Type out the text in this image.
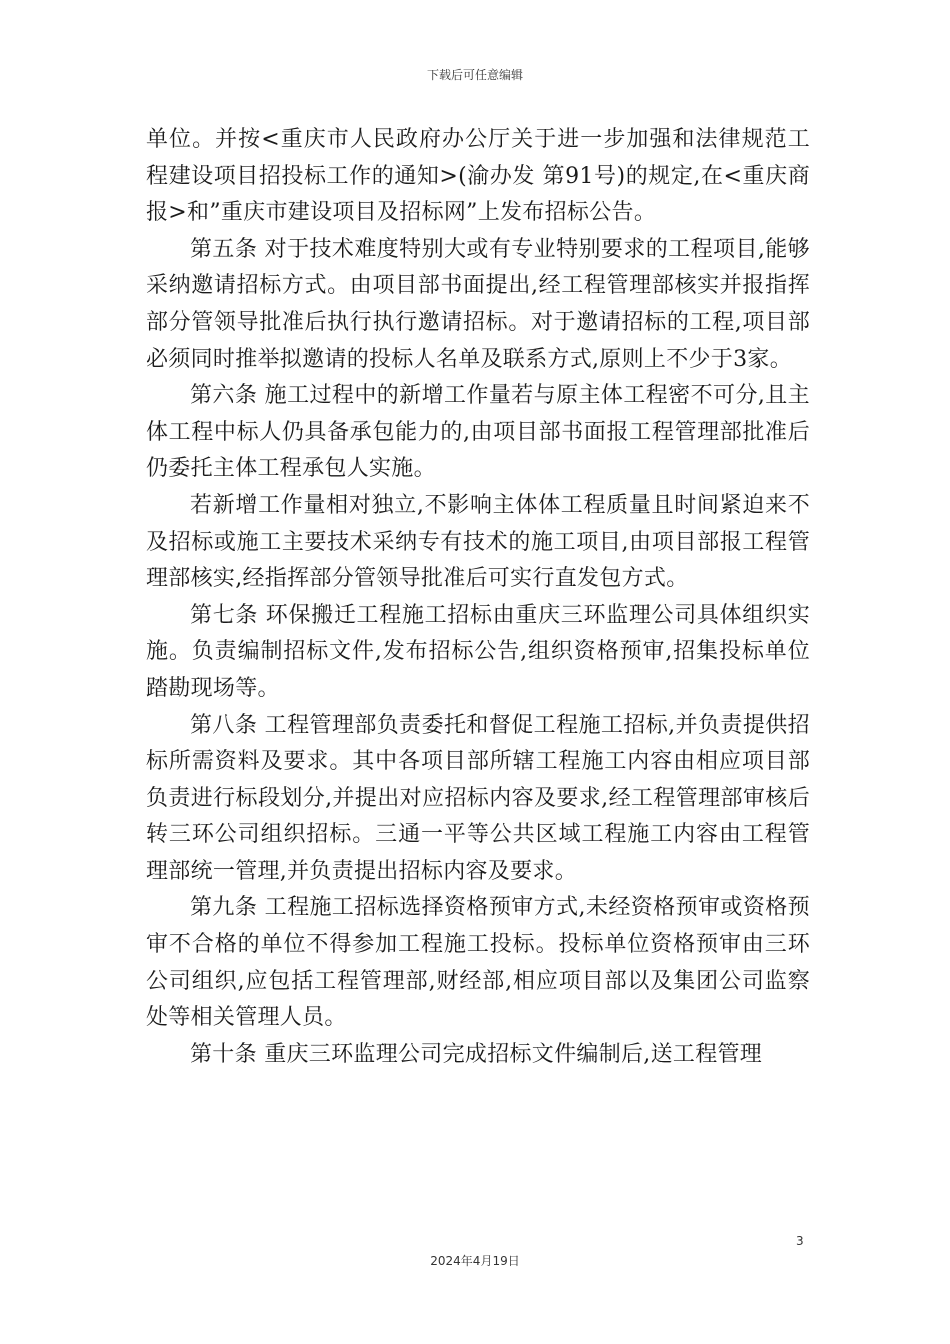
下载后可任意编辑

单位。并按<重庆市人民政府办公厅关于进一步加强和法律规范工程建设项目招投标工作的通知>(渝办发 第91号)的规定,在<重庆商报>和”重庆市建设项目及招标网”上发布招标公告。

第五条 对于技术难度特别大或有专业特别要求的工程项目,能够采纳邀请招标方式。由项目部书面提出,经工程管理部核实并报指挥部分管领导批准后执行执行邀请招标。对于邀请招标的工程,项目部必须同时推举拟邀请的投标人名单及联系方式,原则上不少于3家。

第六条 施工过程中的新增工作量若与原主体工程密不可分,且主体工程中标人仍具备承包能力的,由项目部书面报工程管理部批准后仍委托主体工程承包人实施。

若新增工作量相对独立,不影响主体体工程质量且时间紧迫来不及招标或施工主要技术采纳专有技术的施工项目,由项目部报工程管理部核实,经指挥部分管领导批准后可实行直发包方式。

第七条 环保搬迁工程施工招标由重庆三环监理公司具体组织实施。负责编制招标文件,发布招标公告,组织资格预审,招集投标单位踏勘现场等。

第八条 工程管理部负责委托和督促工程施工招标,并负责提供招标所需资料及要求。其中各项目部所辖工程施工内容由相应项目部负责进行标段划分,并提出对应招标内容及要求,经工程管理部审核后转三环公司组织招标。三通一平等公共区域工程施工内容由工程管理部统一管理,并负责提出招标内容及要求。

第九条 工程施工招标选择资格预审方式,未经资格预审或资格预审不合格的单位不得参加工程施工投标。投标单位资格预审由三环公司组织,应包括工程管理部,财经部,相应项目部以及集团公司监察处等相关管理人员。

第十条 重庆三环监理公司完成招标文件编制后,送工程管理

3
2024年4月19日
